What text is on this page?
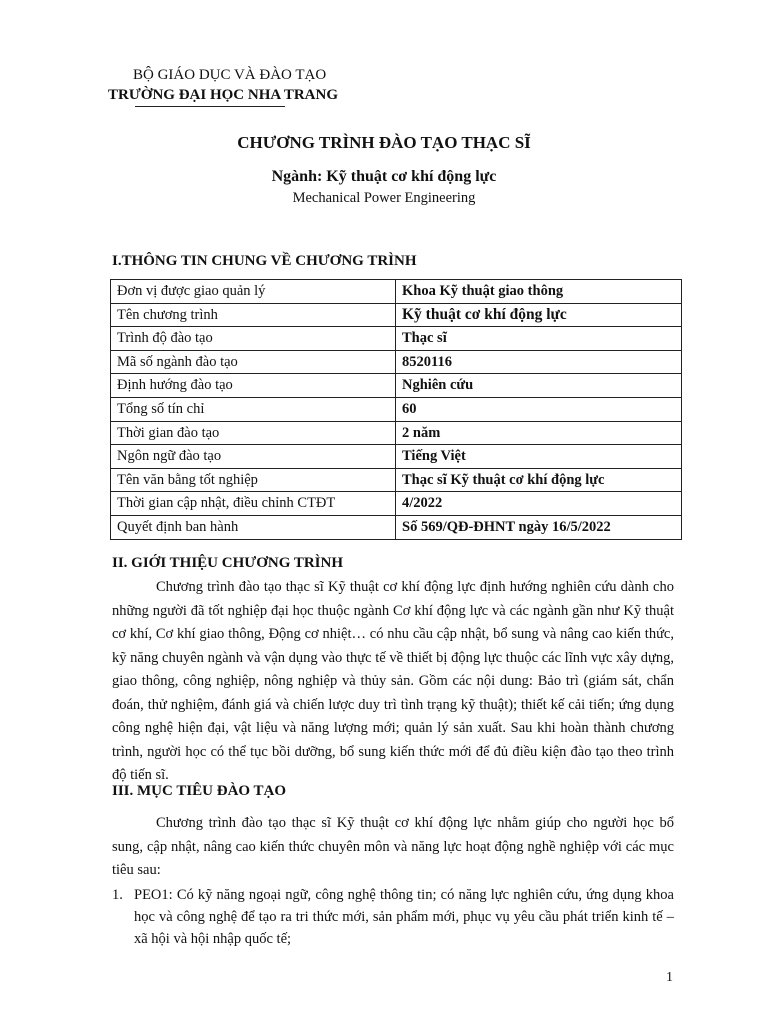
BỘ GIÁO DỤC VÀ ĐÀO TẠO
TRƯỜNG ĐẠI HỌC NHA TRANG
CHƯƠNG TRÌNH ĐÀO TẠO THẠC SĨ
Ngành: Kỹ thuật cơ khí động lực
Mechanical Power Engineering
I.THÔNG TIN CHUNG VỀ CHƯƠNG TRÌNH
Đơn vị được giao quản lý	Khoa Kỹ thuật giao thông
Tên chương trình	Kỹ thuật cơ khí động lực
Trình độ đào tạo	Thạc sĩ
Mã số ngành đào tạo	8520116
Định hướng đào tạo	Nghiên cứu
Tổng số tín chỉ	60
Thời gian đào tạo	2 năm
Ngôn ngữ đào tạo	Tiếng Việt
Tên văn bằng tốt nghiệp	Thạc sĩ Kỹ thuật cơ khí động lực
Thời gian cập nhật, điều chỉnh CTĐT	4/2022
Quyết định ban hành	Số 569/QĐ-ĐHNT ngày 16/5/2022
II. GIỚI THIỆU CHƯƠNG TRÌNH
Chương trình đào tạo thạc sĩ Kỹ thuật cơ khí động lực định hướng nghiên cứu dành cho những người đã tốt nghiệp đại học thuộc ngành Cơ khí động lực và các ngành gần như Kỹ thuật cơ khí, Cơ khí giao thông, Động cơ nhiệt… có nhu cầu cập nhật, bổ sung và nâng cao kiến thức, kỹ năng chuyên ngành và vận dụng vào thực tế về thiết bị động lực thuộc các lĩnh vực xây dựng, giao thông, công nghiệp, nông nghiệp và thủy sản. Gồm các nội dung: Bảo trì (giám sát, chẩn đoán, thử nghiệm, đánh giá và chiến lược duy trì tình trạng kỹ thuật); thiết kế cải tiến; ứng dụng công nghệ hiện đại, vật liệu và năng lượng mới; quản lý sản xuất. Sau khi hoàn thành chương trình, người học có thể tục bồi dưỡng, bổ sung kiến thức mới để đủ điều kiện đào tạo theo trình độ tiến sĩ.
III. MỤC TIÊU ĐÀO TẠO
Chương trình đào tạo thạc sĩ Kỹ thuật cơ khí động lực nhằm giúp cho người học bổ sung, cập nhật, nâng cao kiến thức chuyên môn và năng lực hoạt động nghề nghiệp với các mục tiêu sau:
1. PEO1: Có kỹ năng ngoại ngữ, công nghệ thông tin; có năng lực nghiên cứu, ứng dụng khoa học và công nghệ để tạo ra tri thức mới, sản phẩm mới, phục vụ yêu cầu phát triển kinh tế – xã hội và hội nhập quốc tế;
1
